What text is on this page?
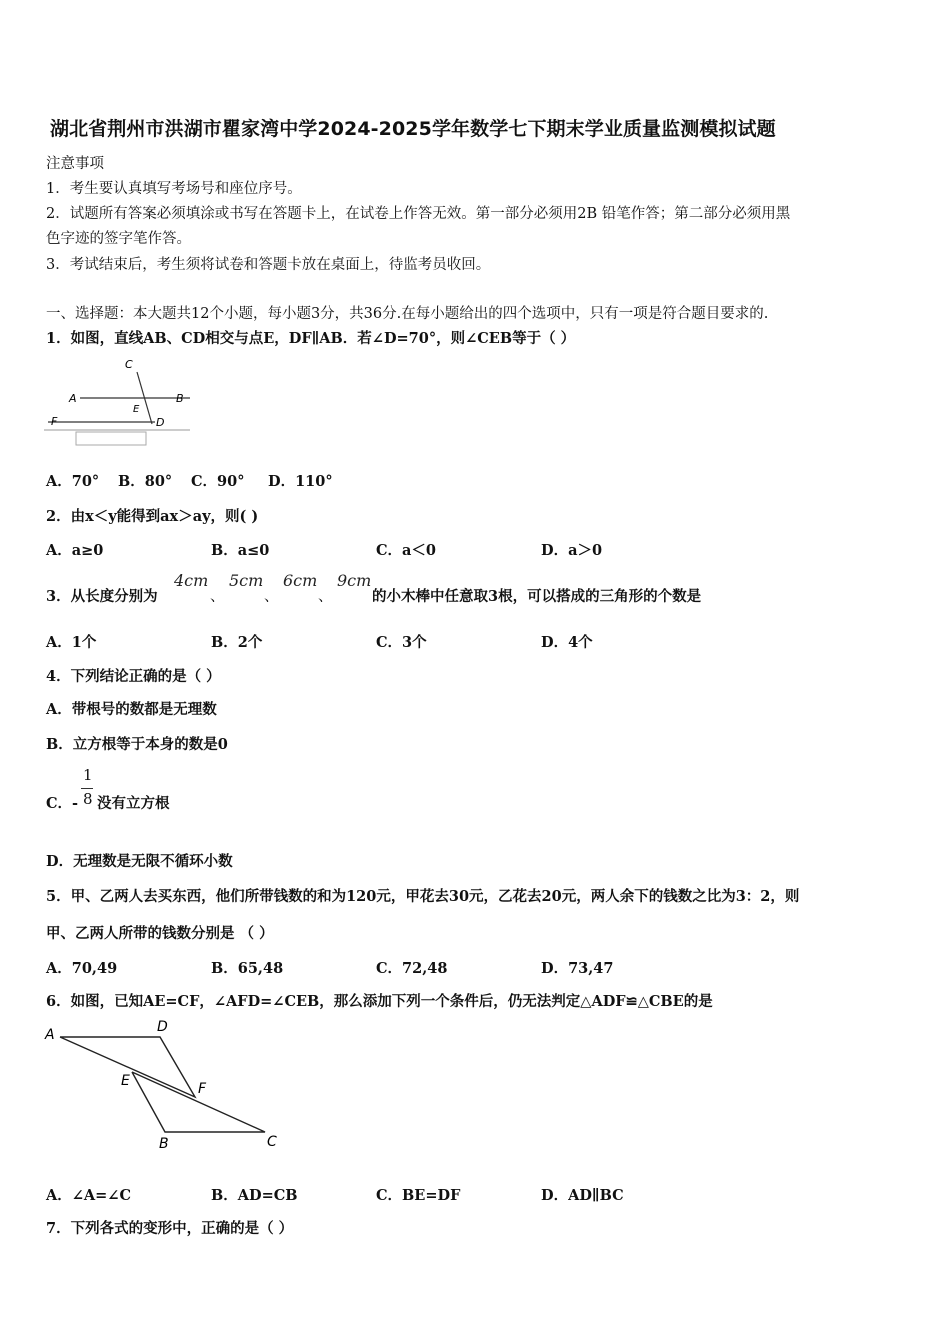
湖北省荆州市洪湖市瞿家湾中学2024-2025学年数学七下期末学业质量监测模拟试题
注意事项
1．考生要认真填写考场号和座位序号。
2．试题所有答案必须填涂或书写在答题卡上，在试卷上作答无效。第一部分必须用2B 铅笔作答；第二部分必须用黑
色字迹的签字笔作答。
3．考试结束后，考生须将试卷和答题卡放在桌面上，待监考员收回。
一、选择题：本大题共12个小题，每小题3分，共36分.在每小题给出的四个选项中，只有一项是符合题目要求的.
1．如图，直线AB、CD相交与点E，DF∥AB．若∠D=70°，则∠CEB等于（ ）
C
A	B
E
F	D
A．70° B．80° C．90° D．110°
2．由x＜y能得到ax＞ay，则( )
A．a≥0	B．a≤0	C．a＜0	D．a＞0
3．从长度分别为
4cm
、
5cm
、
6cm
、
9cm
的小木棒中任意取3根，可以搭成的三角形的个数是
A．1个	B．2个	C．3个	D．4个
4．下列结论正确的是（ ）
A．带根号的数都是无理数
B．立方根等于本身的数是0
C．-
1
8 没有立方根
D．无理数是无限不循环小数
5．甲、乙两人去买东西，他们所带钱数的和为120元，甲花去30元，乙花去20元，两人余下的钱数之比为3：2，则
甲、乙两人所带的钱数分别是 （ ）
A．70,49	B．65,48	C．72,48	D．73,47
6．如图，已知AE=CF，∠AFD=∠CEB，那么添加下列一个条件后，仍无法判定△ADF≌△CBE的是
A	D
E	F
B	C
A．∠A=∠C	B．AD=CB	C．BE=DF	D．AD∥BC
7．下列各式的变形中，正确的是（ ）
